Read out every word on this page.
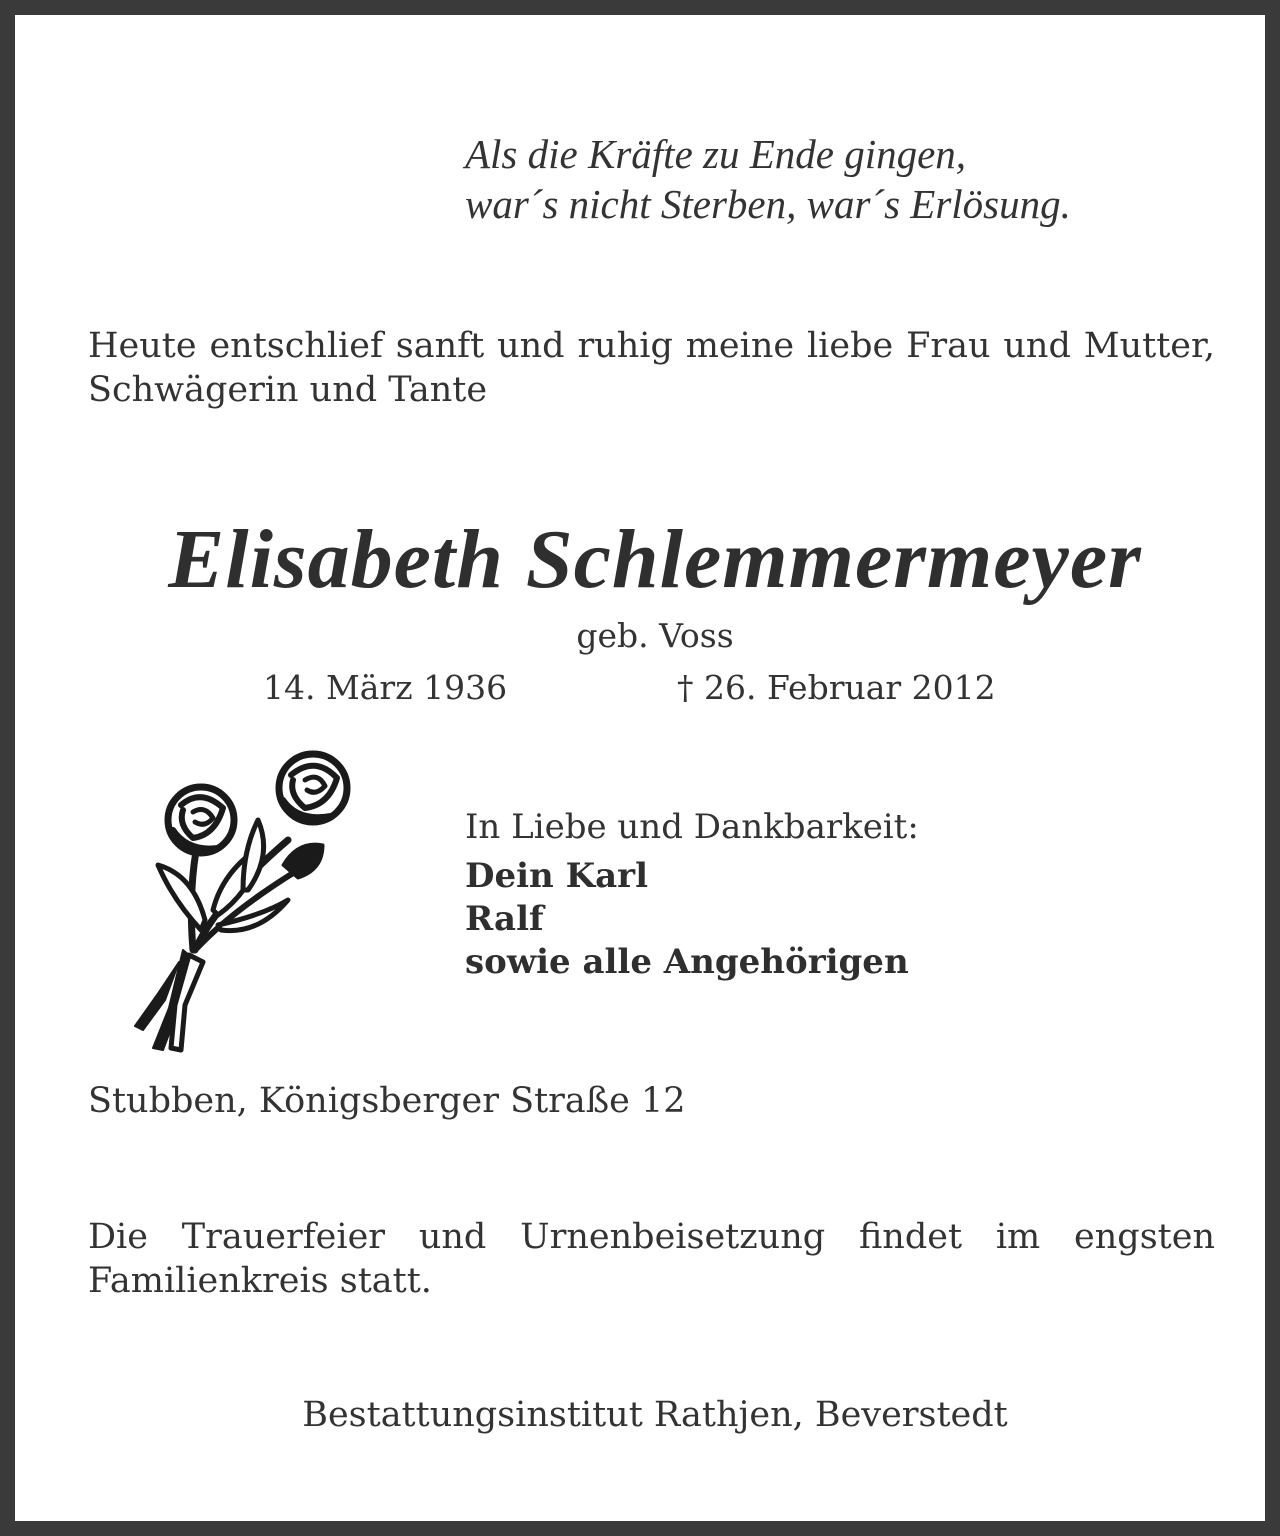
Als die Kräfte zu Ende gingen,
war´s nicht Sterben, war´s Erlösung.
Heute entschlief sanft und ruhig meine liebe Frau und Mutter, Schwägerin und Tante
Elisabeth Schlemmermeyer
geb. Voss
14. März 1936	† 26. Februar 2012
In Liebe und Dankbarkeit:
Dein Karl
Ralf
sowie alle Angehörigen
Stubben, Königsberger Straße 12
Die Trauerfeier und Urnenbeisetzung findet im engsten Familienkreis statt.
Bestattungsinstitut Rathjen, Beverstedt
